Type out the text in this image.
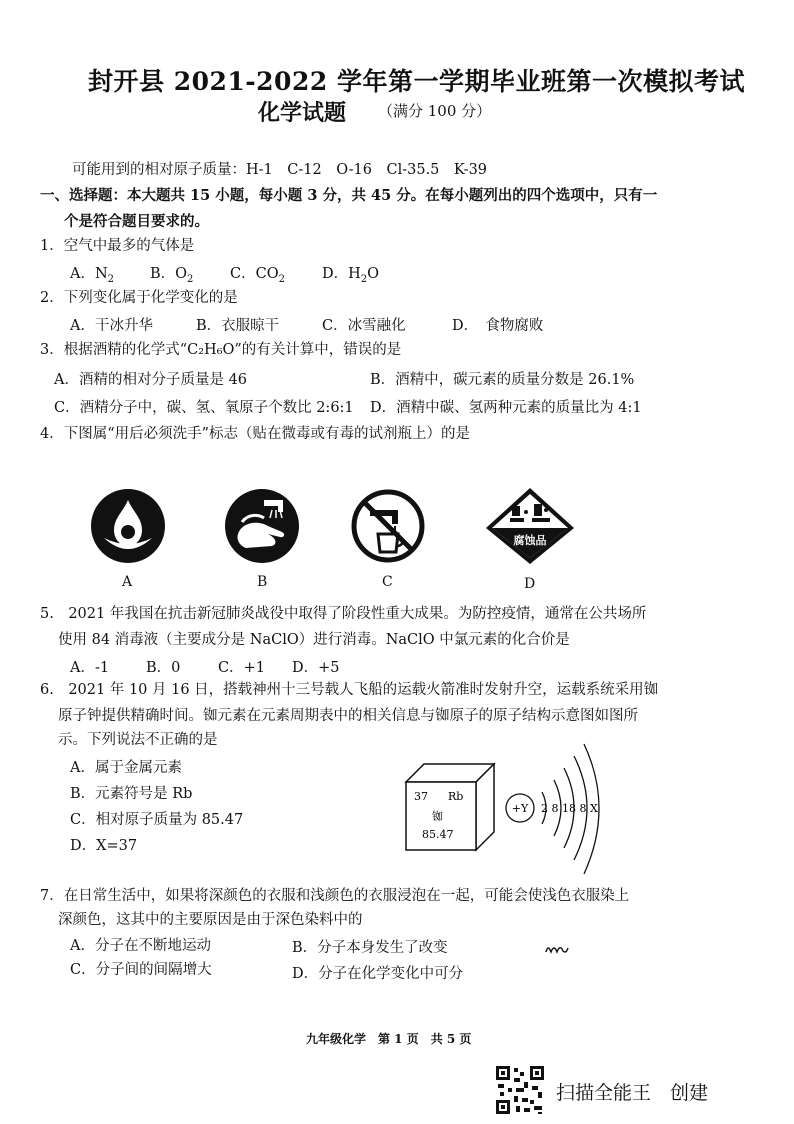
封开县 2021-2022 学年第一学期毕业班第一次模拟考试
化学试题 （满分 100 分）
可能用到的相对原子质量：H-1　C-12　O-16　Cl-35.5　K-39
一、选择题：本大题共 15 小题，每小题 3 分，共 45 分。在每小题列出的四个选项中，只有一
个是符合题目要求的。
1．空气中最多的气体是
A．$N_2$ B．$O_2$	C．$CO_2$	D．$H_2O$
2．下列变化属于化学变化的是
A．干冰升华	B．衣服晾干	C．冰雪融化	D．　食物腐败
3．根据酒精的化学式“C₂H₆O”的有关计算中，错误的是
A．酒精的相对分子质量是 46	B．酒精中，碳元素的质量分数是 26.1%
C．酒精分子中，碳、氢、氧原子个数比 2:6:1 D．酒精中碳、氢两种元素的质量比为 4:1
4．下图属“用后必须洗手”标志（贴在微毒或有毒的试剂瓶上）的是
A	B	C
腐蚀品
D
5.　2021 年我国在抗击新冠肺炎战役中取得了阶段性重大成果。为防控疫情，通常在公共场所
使用 84 消毒液（主要成分是 NaClO）进行消毒。NaClO 中氯元素的化合价是
A．-1	B．0	C．+1 D．+5
6.　2021 年 10 月 16 日，搭载神州十三号载人飞船的运载火箭准时发射升空，运载系统采用铷
原子钟提供精确时间。铷元素在元素周期表中的相关信息与铷原子的原子结构示意图如图所
示。下列说法不正确的是
A．属于金属元素
B．元素符号是 Rb
C．相对原子质量为 85.47
D．X=37
37 Rb
铷
85.47
+Y 2 8 18 8 X
7．在日常生活中，如果将深颜色的衣服和浅颜色的衣服浸泡在一起，可能会使浅色衣服染上
深颜色，这其中的主要原因是由于深色染料中的
A．分子在不断地运动	B．分子本身发生了改变
C．分子间的间隔增大	D．分子在化学变化中可分
九年级化学　第 1 页　共 5 页
扫描全能王　创建
